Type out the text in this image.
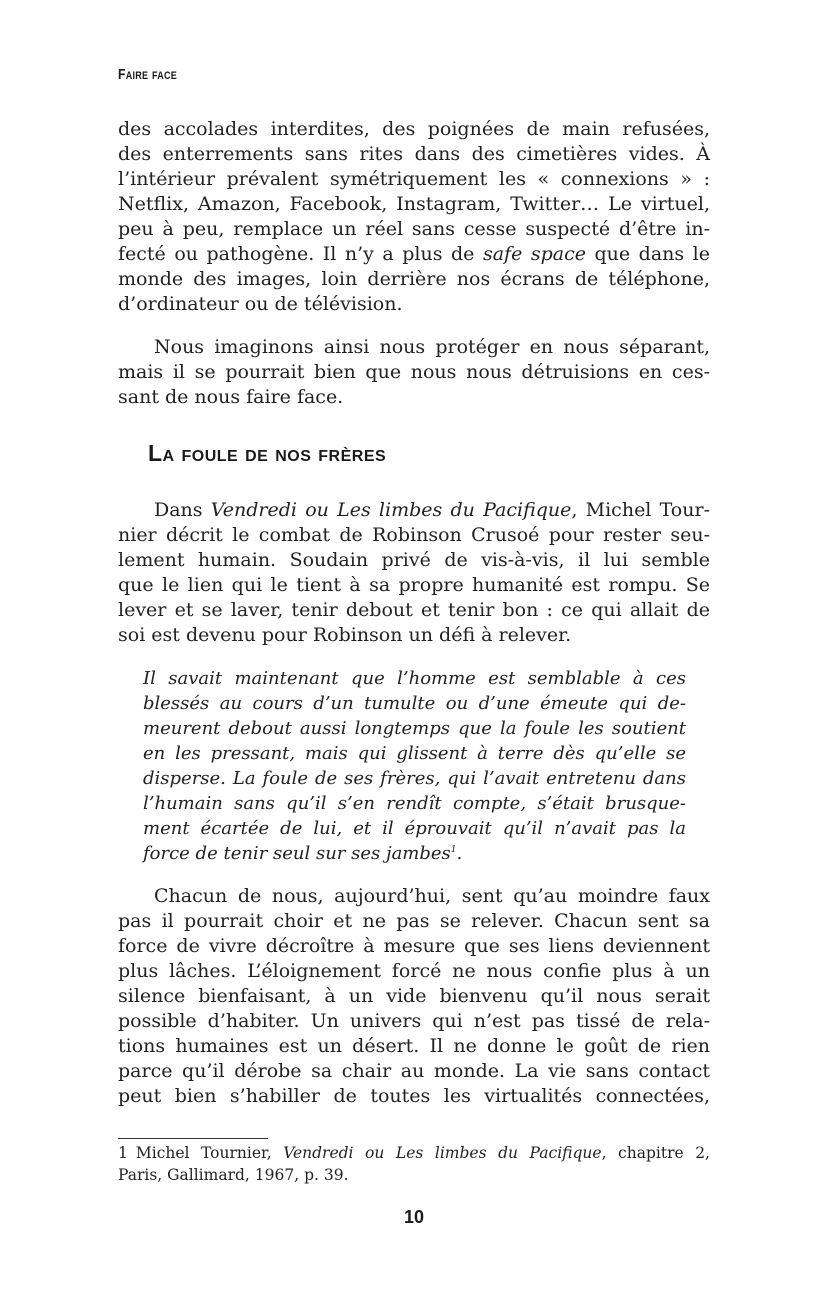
Faire face
des accolades interdites, des poignées de main refusées,
des enterrements sans rites dans des cimetières vides. À
l’intérieur prévalent symétriquement les « connexions » :
Netflix, Amazon, Facebook, Instagram, Twitter… Le virtuel,
peu à peu, remplace un réel sans cesse suspecté d’être in-
fecté ou pathogène. Il n’y a plus de safe space que dans le
monde des images, loin derrière nos écrans de téléphone,
d’ordinateur ou de télévision.
Nous imaginons ainsi nous protéger en nous séparant,
mais il se pourrait bien que nous nous détruisions en ces-
sant de nous faire face.
La foule de nos frères
Dans Vendredi ou Les limbes du Pacifique, Michel Tour-
nier décrit le combat de Robinson Crusoé pour rester seu-
lement humain. Soudain privé de vis-à-vis, il lui semble
que le lien qui le tient à sa propre humanité est rompu. Se
lever et se laver, tenir debout et tenir bon : ce qui allait de
soi est devenu pour Robinson un défi à relever.
Il savait maintenant que l’homme est semblable à ces
blessés au cours d’un tumulte ou d’une émeute qui de-
meurent debout aussi longtemps que la foule les soutient
en les pressant, mais qui glissent à terre dès qu’elle se
disperse. La foule de ses frères, qui l’avait entretenu dans
l’humain sans qu’il s’en rendît compte, s’était brusque-
ment écartée de lui, et il éprouvait qu’il n’avait pas la
force de tenir seul sur ses jambes$^1$.
Chacun de nous, aujourd’hui, sent qu’au moindre faux
pas il pourrait choir et ne pas se relever. Chacun sent sa
force de vivre décroître à mesure que ses liens deviennent
plus lâches. L’éloignement forcé ne nous confie plus à un
silence bienfaisant, à un vide bienvenu qu’il nous serait
possible d’habiter. Un univers qui n’est pas tissé de rela-
tions humaines est un désert. Il ne donne le goût de rien
parce qu’il dérobe sa chair au monde. La vie sans contact
peut bien s’habiller de toutes les virtualités connectées,
1 Michel Tournier, Vendredi ou Les limbes du Pacifique, chapitre 2,
Paris, Gallimard, 1967, p. 39.
10
